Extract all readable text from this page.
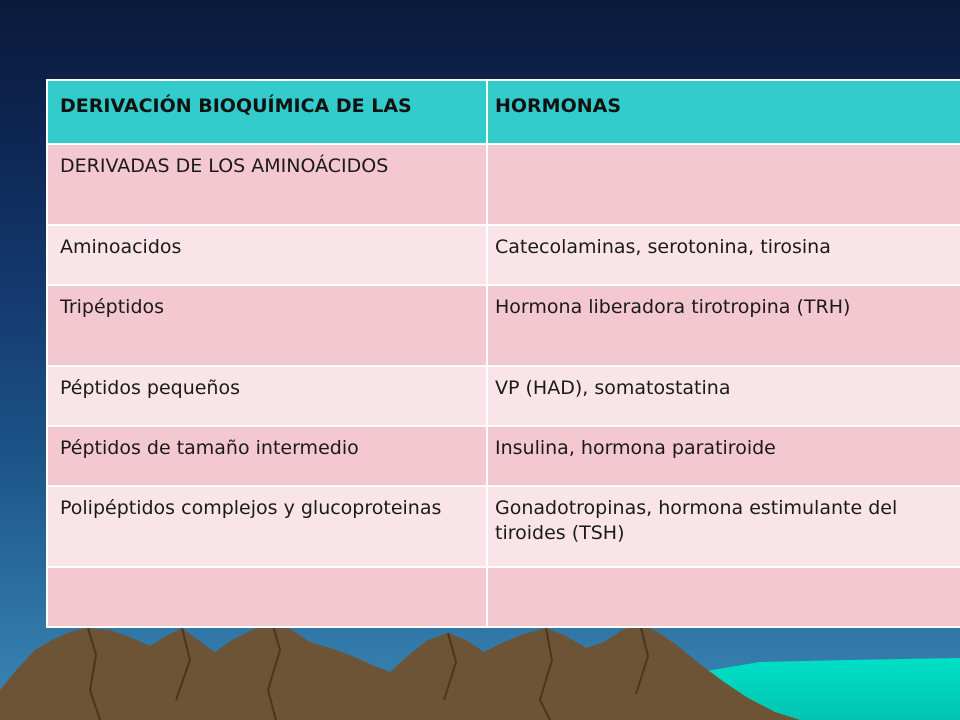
DERIVACIÓN BIOQUÍMICA DE LAS	HORMONAS
DERIVADAS DE LOS AMINOÁCIDOS	
Aminoacidos	Catecolaminas, serotonina, tirosina
Tripéptidos	Hormona liberadora tirotropina (TRH)
Péptidos pequeños	VP (HAD), somatostatina
Péptidos de tamaño intermedio	Insulina, hormona paratiroide
Polipéptidos complejos y glucoproteinas	Gonadotropinas, hormona estimulante del tiroides (TSH)
